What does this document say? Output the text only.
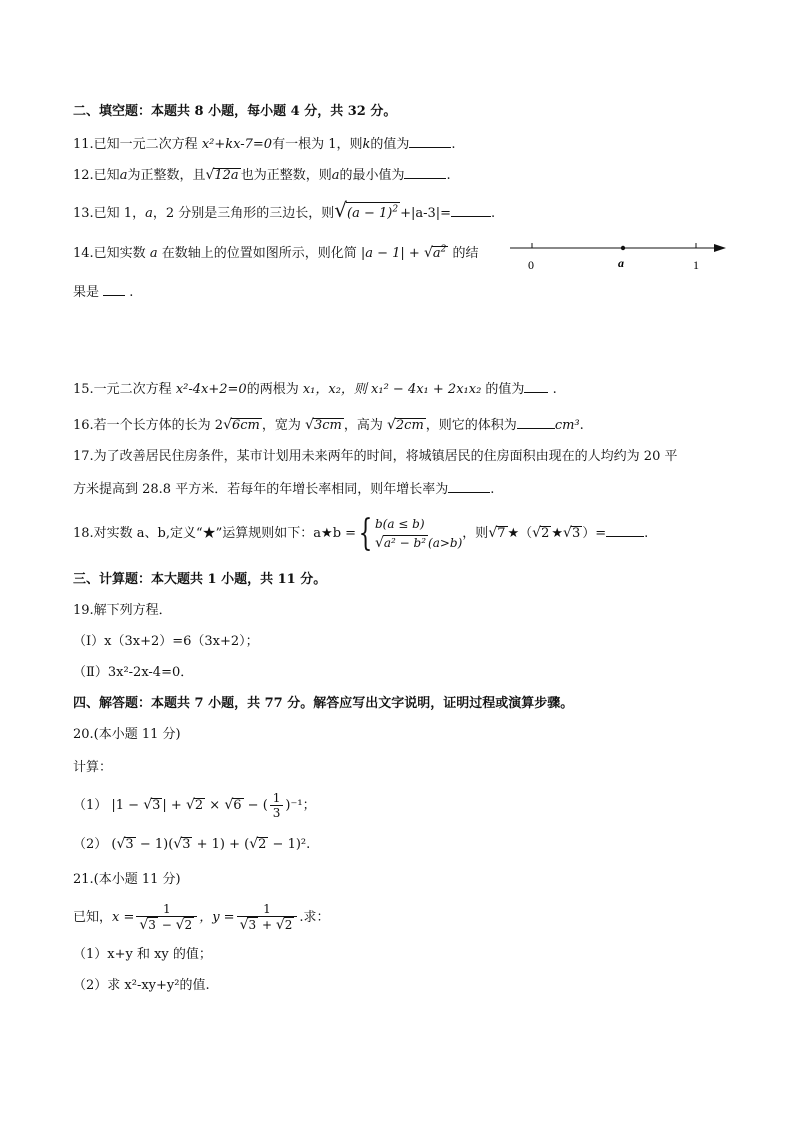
二、填空题：本题共 8 小题，每小题 4 分，共 32 分。
11.已知一元二次方程 x²+kx-7=0有一根为 1，则k的值为	.
12.已知a为正整数，且√12a 也为正整数，则a的最小值为	.
13.已知 1，a，2 分别是三角形的三边长，则$√(a - 1)^2 +|a-3|=$	.
14.已知实数 a 在数轴上的位置如图所示，则化简 $|a - 1| + √a^2$ 的结
果是 .
0	a	1
15.一元二次方程 x²-4x+2=0的两根为 x₁，x₂，则 x₁² − 4x₁ + 2x₁x₂ 的值为 .
16.若一个长方体的长为 2√6cm ，宽为 √3cm ，高为 √2cm ，则它的体积为	cm³.
17.为了改善居民住房条件，某市计划用未来两年的时间，将城镇居民的住房面积由现在的人均约为 20 平
方米提高到 28.8 平方米．若每年的年增长率相同，则年增长率为	.
18.对实数 a、b,定义“★”运算规则如下：a★b ={ b(a ≤ b)
√a² − b² (a>b)
，则√7 ★（√2 ★√3 ）=	.
三、计算题：本大题共 1 小题，共 11 分。
19.解下列方程．
（Ⅰ）x（3x+2）=6（3x+2）；
（Ⅱ）3x²-2x-4=0．
四、解答题：本题共 7 小题，共 77 分。解答应写出文字说明，证明过程或演算步骤。
20.(本小题 11 分)
计算：
（1） |1 − √3 | + √2 × √6 − ( $\frac{1}{3} )^{-1}$；
（2） (√3 − 1)(√3 + 1) + (√2 − 1)².
21.(本小题 11 分)
已知，$x = \frac{1}{√3 - √2}$ ，$y = \frac{1}{√3 + √2}$ .求：
（1）x+y 和 xy 的值；
（2）求 x²-xy+y²的值.
